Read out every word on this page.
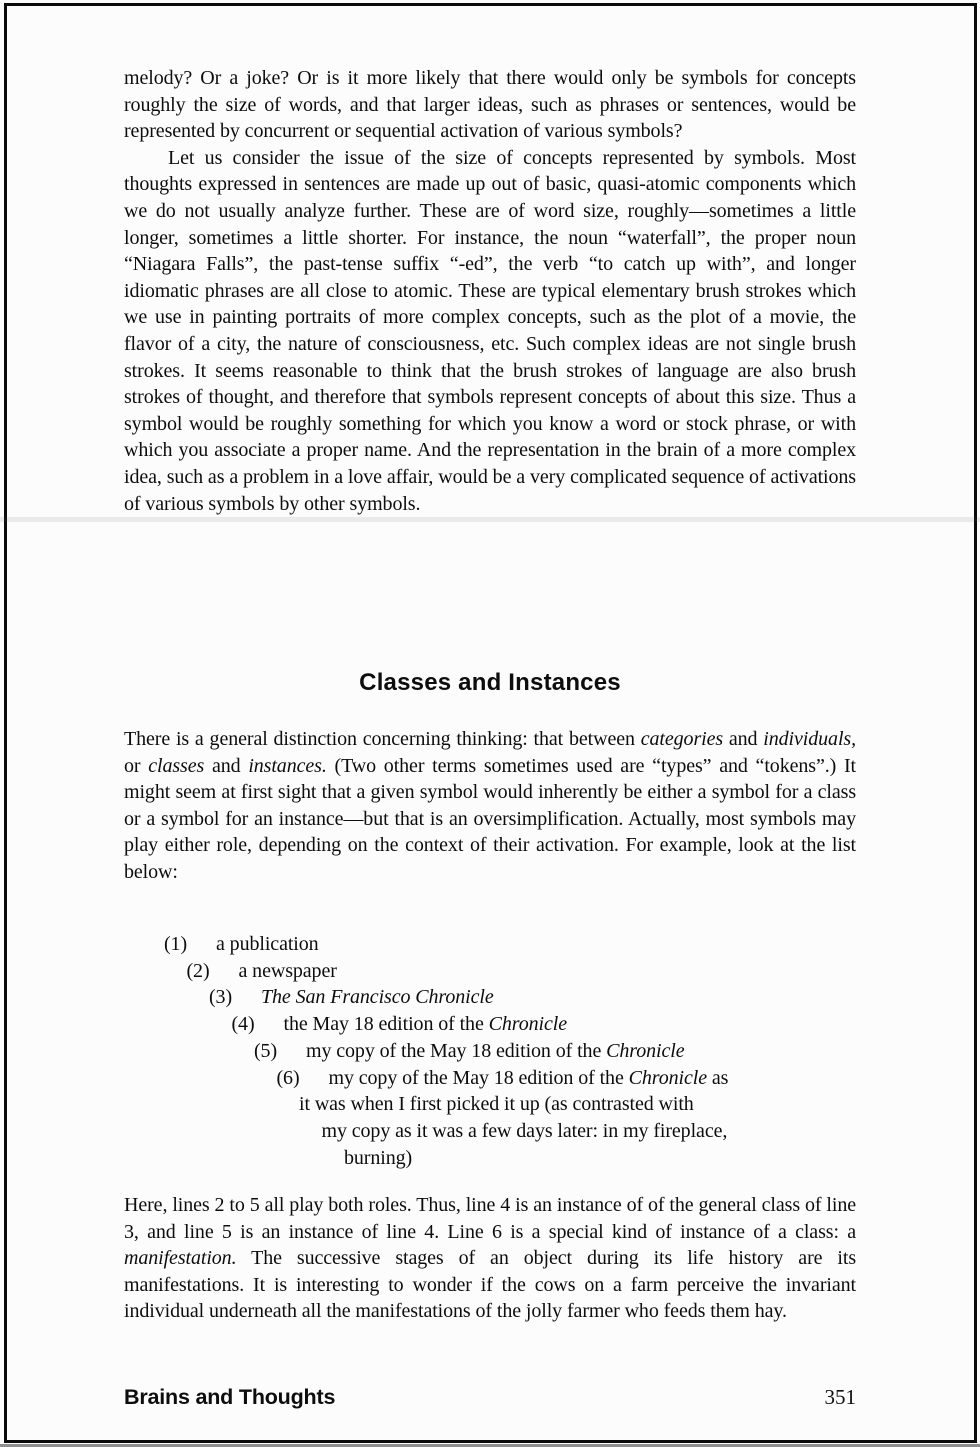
melody? Or a joke? Or is it more likely that there would only be symbols for concepts roughly the size of words, and that larger ideas, such as phrases or sentences, would be represented by concurrent or sequential activation of various symbols?

Let us consider the issue of the size of concepts represented by symbols. Most thoughts expressed in sentences are made up out of basic, quasi-atomic components which we do not usually analyze further. These are of word size, roughly—sometimes a little longer, sometimes a little shorter. For instance, the noun “waterfall”, the proper noun “Niagara Falls”, the past-tense suffix “-ed”, the verb “to catch up with”, and longer idiomatic phrases are all close to atomic. These are typical elementary brush strokes which we use in painting portraits of more complex concepts, such as the plot of a movie, the flavor of a city, the nature of consciousness, etc. Such complex ideas are not single brush strokes. It seems reasonable to think that the brush strokes of language are also brush strokes of thought, and therefore that symbols represent concepts of about this size. Thus a symbol would be roughly something for which you know a word or stock phrase, or with which you associate a proper name. And the representation in the brain of a more complex idea, such as a problem in a love affair, would be a very complicated sequence of activations of various symbols by other symbols.

Classes and Instances

There is a general distinction concerning thinking: that between categories and individuals, or classes and instances. (Two other terms sometimes used are “types” and “tokens”.) It might seem at first sight that a given symbol would inherently be either a symbol for a class or a symbol for an instance—but that is an oversimplification. Actually, most symbols may play either role, depending on the context of their activation. For example, look at the list below:

(1) a publication
(2) a newspaper
(3) The San Francisco Chronicle
(4) the May 18 edition of the Chronicle
(5) my copy of the May 18 edition of the Chronicle
(6) my copy of the May 18 edition of the Chronicle as
it was when I first picked it up (as contrasted with
my copy as it was a few days later: in my fireplace,
burning)

Here, lines 2 to 5 all play both roles. Thus, line 4 is an instance of of the general class of line 3, and line 5 is an instance of line 4. Line 6 is a special kind of instance of a class: a manifestation. The successive stages of an object during its life history are its manifestations. It is interesting to wonder if the cows on a farm perceive the invariant individual underneath all the manifestations of the jolly farmer who feeds them hay.

Brains and Thoughts	351
